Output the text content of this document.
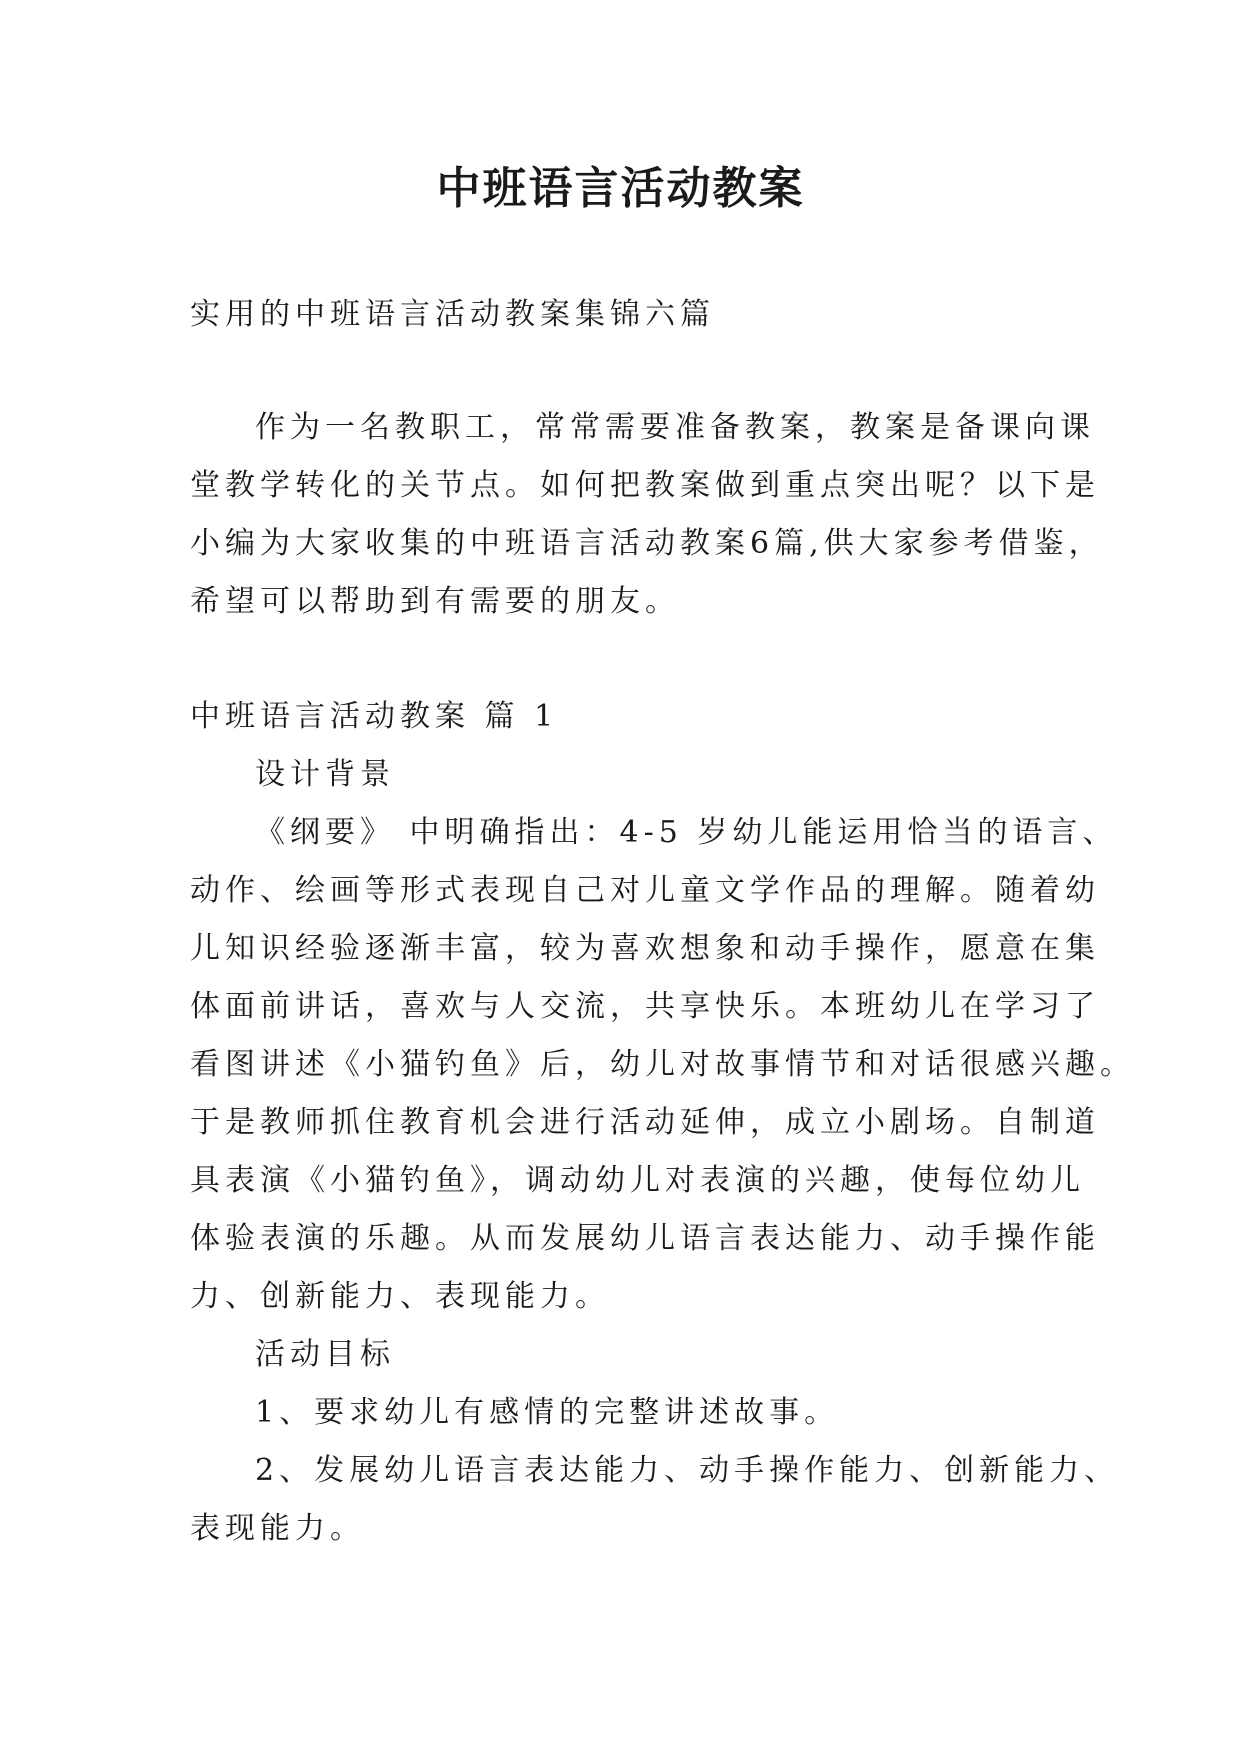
中班语言活动教案

实用的中班语言活动教案集锦六篇

作为一名教职工，常常需要准备教案，教案是备课向课

堂教学转化的关节点。如何把教案做到重点突出呢？以下是

小编为大家收集的中班语言活动教案6篇,供大家参考借鉴，

希望可以帮助到有需要的朋友。

中班语言活动教案 篇 1

设计背景

《纲要》 中明确指出：4-5 岁幼儿能运用恰当的语言、

动作、绘画等形式表现自己对儿童文学作品的理解。随着幼

儿知识经验逐渐丰富，较为喜欢想象和动手操作，愿意在集

体面前讲话，喜欢与人交流，共享快乐。本班幼儿在学习了

看图讲述《小猫钓鱼》后，幼儿对故事情节和对话很感兴趣。

于是教师抓住教育机会进行活动延伸，成立小剧场。自制道

具表演《小猫钓鱼》，调动幼儿对表演的兴趣，使每位幼儿

体验表演的乐趣。从而发展幼儿语言表达能力、动手操作能

力、创新能力、表现能力。

活动目标

1、要求幼儿有感情的完整讲述故事。

2、发展幼儿语言表达能力、动手操作能力、创新能力、

表现能力。
